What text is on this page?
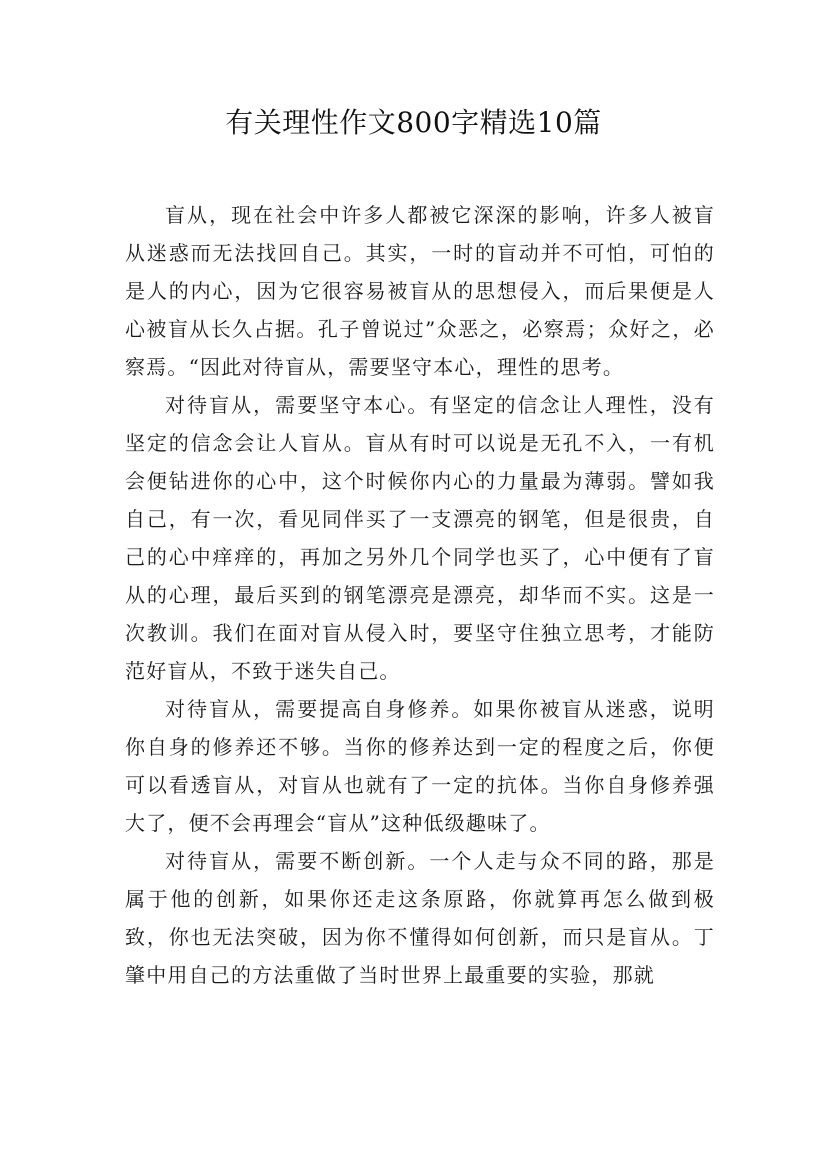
有关理性作文800字精选10篇

盲从，现在社会中许多人都被它深深的影响，许多人被盲从迷惑而无法找回自己。其实，一时的盲动并不可怕，可怕的是人的内心，因为它很容易被盲从的思想侵入，而后果便是人心被盲从长久占据。孔子曾说过”众恶之，必察焉；众好之，必察焉。“因此对待盲从，需要坚守本心，理性的思考。

对待盲从，需要坚守本心。有坚定的信念让人理性，没有坚定的信念会让人盲从。盲从有时可以说是无孔不入，一有机会便钻进你的心中，这个时候你内心的力量最为薄弱。譬如我自己，有一次，看见同伴买了一支漂亮的钢笔，但是很贵，自己的心中痒痒的，再加之另外几个同学也买了，心中便有了盲从的心理，最后买到的钢笔漂亮是漂亮，却华而不实。这是一次教训。我们在面对盲从侵入时，要坚守住独立思考，才能防范好盲从，不致于迷失自己。

对待盲从，需要提高自身修养。如果你被盲从迷惑，说明你自身的修养还不够。当你的修养达到一定的程度之后，你便可以看透盲从，对盲从也就有了一定的抗体。当你自身修养强大了，便不会再理会“盲从”这种低级趣味了。

对待盲从，需要不断创新。一个人走与众不同的路，那是属于他的创新，如果你还走这条原路，你就算再怎么做到极致，你也无法突破，因为你不懂得如何创新，而只是盲从。丁肇中用自己的方法重做了当时世界上最重要的实验，那就
